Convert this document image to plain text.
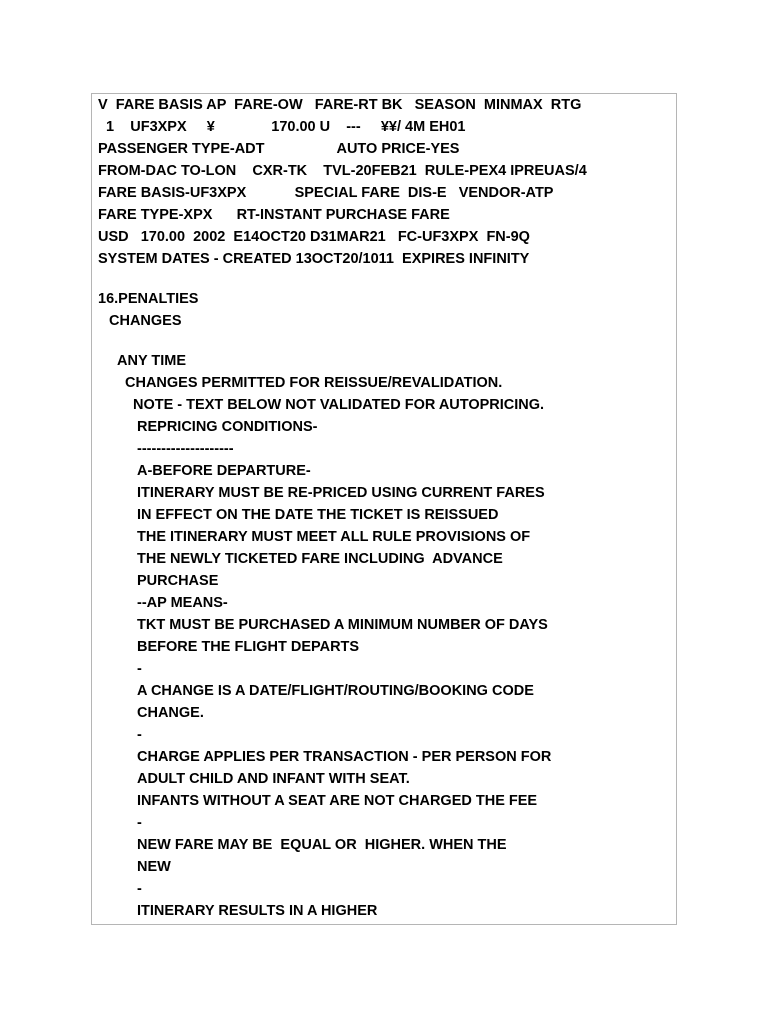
V  FARE BASIS AP  FARE-OW   FARE-RT BK   SEASON  MINMAX  RTG
1    UF3XPX     ¥              170.00 U    ---     ¥¥/ 4M EH01
PASSENGER TYPE-ADT                  AUTO PRICE-YES
FROM-DAC TO-LON    CXR-TK    TVL-20FEB21  RULE-PEX4 IPREUAS/4
FARE BASIS-UF3XPX            SPECIAL FARE  DIS-E   VENDOR-ATP
FARE TYPE-XPX      RT-INSTANT PURCHASE FARE
USD   170.00  2002  E14OCT20 D31MAR21   FC-UF3XPX  FN-9Q
SYSTEM DATES - CREATED 13OCT20/1011  EXPIRES INFINITY
16.PENALTIES
CHANGES
ANY TIME
CHANGES PERMITTED FOR REISSUE/REVALIDATION.
NOTE - TEXT BELOW NOT VALIDATED FOR AUTOPRICING.
REPRICING CONDITIONS-
--------------------
A-BEFORE DEPARTURE-
ITINERARY MUST BE RE-PRICED USING CURRENT FARES
IN EFFECT ON THE DATE THE TICKET IS REISSUED
THE ITINERARY MUST MEET ALL RULE PROVISIONS OF
THE NEWLY TICKETED FARE INCLUDING  ADVANCE
PURCHASE
--AP MEANS-
TKT MUST BE PURCHASED A MINIMUM NUMBER OF DAYS
BEFORE THE FLIGHT DEPARTS
-
A CHANGE IS A DATE/FLIGHT/ROUTING/BOOKING CODE
CHANGE.
-
CHARGE APPLIES PER TRANSACTION - PER PERSON FOR
ADULT CHILD AND INFANT WITH SEAT.
INFANTS WITHOUT A SEAT ARE NOT CHARGED THE FEE
-
NEW FARE MAY BE  EQUAL OR  HIGHER. WHEN THE
NEW
-
ITINERARY RESULTS IN A HIGHER
